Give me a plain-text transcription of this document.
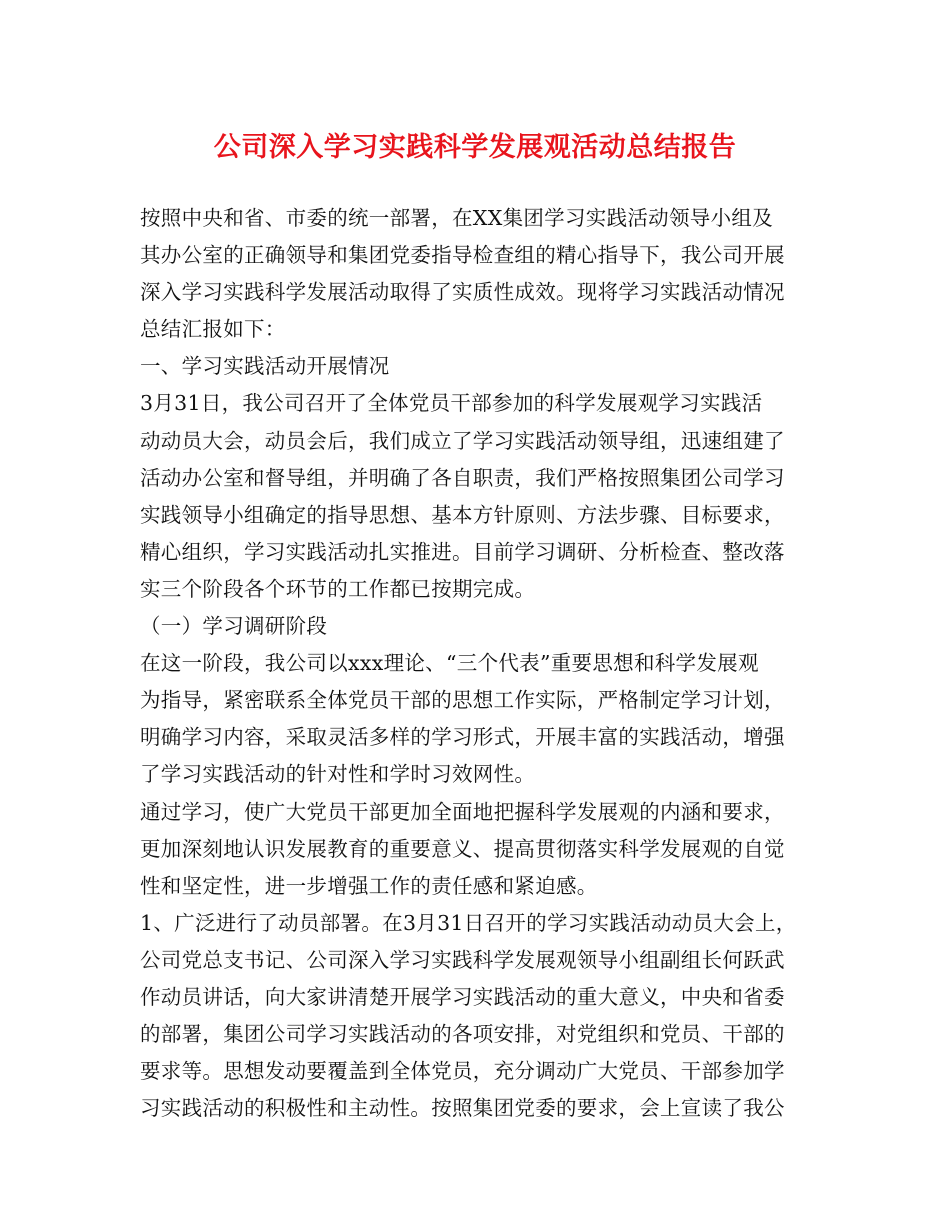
公司深入学习实践科学发展观活动总结报告
按照中央和省、市委的统一部署，在XX集团学习实践活动领导小组及
其办公室的正确领导和集团党委指导检查组的精心指导下，我公司开展
深入学习实践科学发展活动取得了实质性成效。现将学习实践活动情况
总结汇报如下：
一、学习实践活动开展情况
3月31日，我公司召开了全体党员干部参加的科学发展观学习实践活
动动员大会，动员会后，我们成立了学习实践活动领导组，迅速组建了
活动办公室和督导组，并明确了各自职责，我们严格按照集团公司学习
实践领导小组确定的指导思想、基本方针原则、方法步骤、目标要求，
精心组织，学习实践活动扎实推进。目前学习调研、分析检查、整改落
实三个阶段各个环节的工作都已按期完成。
（一）学习调研阶段
在这一阶段，我公司以xxx理论、“三个代表”重要思想和科学发展观
为指导，紧密联系全体党员干部的思想工作实际，严格制定学习计划，
明确学习内容，采取灵活多样的学习形式，开展丰富的实践活动，增强
了学习实践活动的针对性和学时习效网性。
通过学习，使广大党员干部更加全面地把握科学发展观的内涵和要求，
更加深刻地认识发展教育的重要意义、提高贯彻落实科学发展观的自觉
性和坚定性，进一步增强工作的责任感和紧迫感。
1、广泛进行了动员部署。在3月31日召开的学习实践活动动员大会上，
公司党总支书记、公司深入学习实践科学发展观领导小组副组长何跃武
作动员讲话，向大家讲清楚开展学习实践活动的重大意义，中央和省委
的部署，集团公司学习实践活动的各项安排，对党组织和党员、干部的
要求等。思想发动要覆盖到全体党员，充分调动广大党员、干部参加学
习实践活动的积极性和主动性。按照集团党委的要求，会上宣读了我公
